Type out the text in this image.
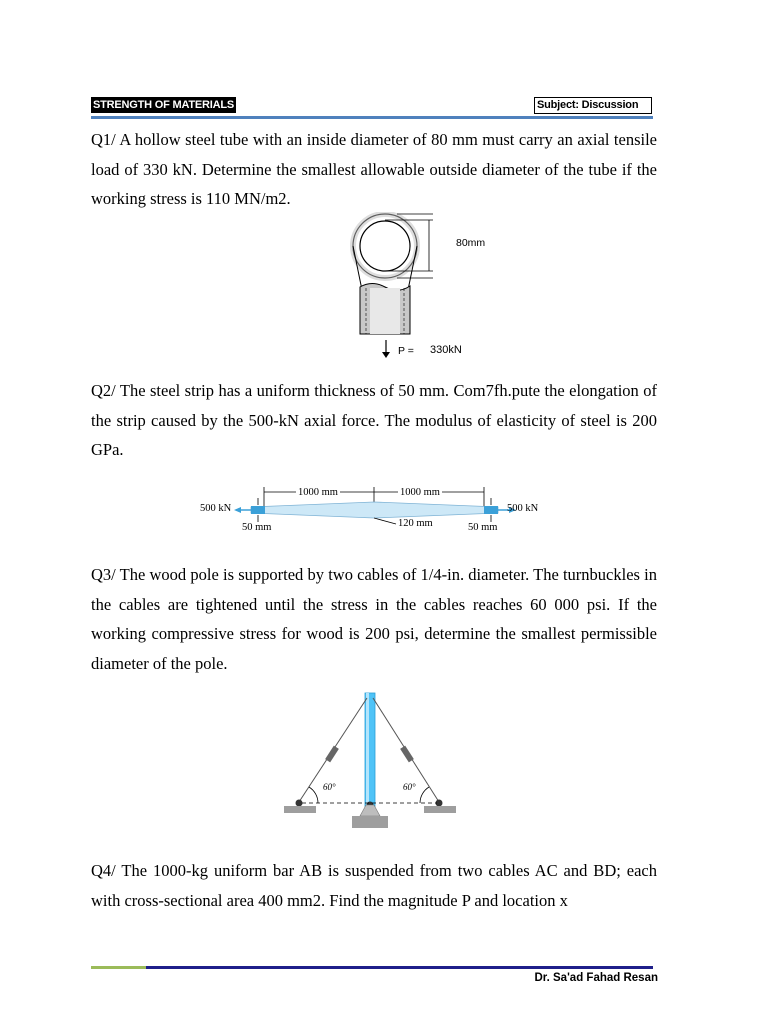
STRENGTH OF MATERIALS	Subject: Discussion

Q1/ A hollow steel tube with an inside diameter of 80 mm must carry an axial tensile load of 330 kN. Determine the smallest allowable outside diameter of the tube if the working stress is 110 MN/m2.

80mm
P = 330kN

Q2/ The steel strip has a uniform thickness of 50 mm. Com7fh.pute the elongation of the strip caused by the 500-kN axial force. The modulus of elasticity of steel is 200 GPa.

1000 mm	1000 mm
500 kN	500 kN
50 mm	120 mm	50 mm

Q3/ The wood pole is supported by two cables of 1/4-in. diameter. The turnbuckles in the cables are tightened until the stress in the cables reaches 60 000 psi. If the working compressive stress for wood is 200 psi, determine the smallest permissible diameter of the pole.

60°	60°

Q4/ The 1000-kg uniform bar AB is suspended from two cables AC and BD; each with cross-sectional area 400 mm2. Find the magnitude P and location x

Dr. Sa'ad Fahad Resan
